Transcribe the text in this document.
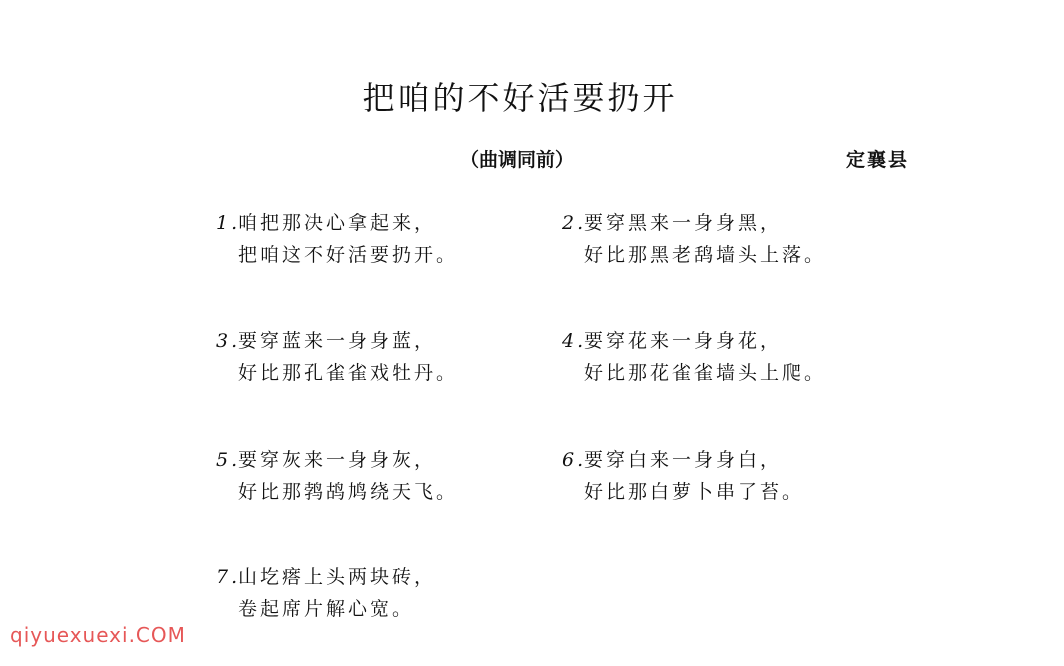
把咱的不好活要扔开
（曲调同前）	定襄县
1.咱把那决心拿起来，
把咱这不好活要扔开。
2.要穿黑来一身身黑，
好比那黑老鸹墙头上落。
3.要穿蓝来一身身蓝，
好比那孔雀雀戏牡丹。
4.要穿花来一身身花，
好比那花雀雀墙头上爬。
5.要穿灰来一身身灰，
好比那鹁鸪鸠绕天飞。
6.要穿白来一身身白，
好比那白萝卜串了苔。
7.山圪瘩上头两块砖，
卷起席片解心宽。
qiyuexuexi.COM
